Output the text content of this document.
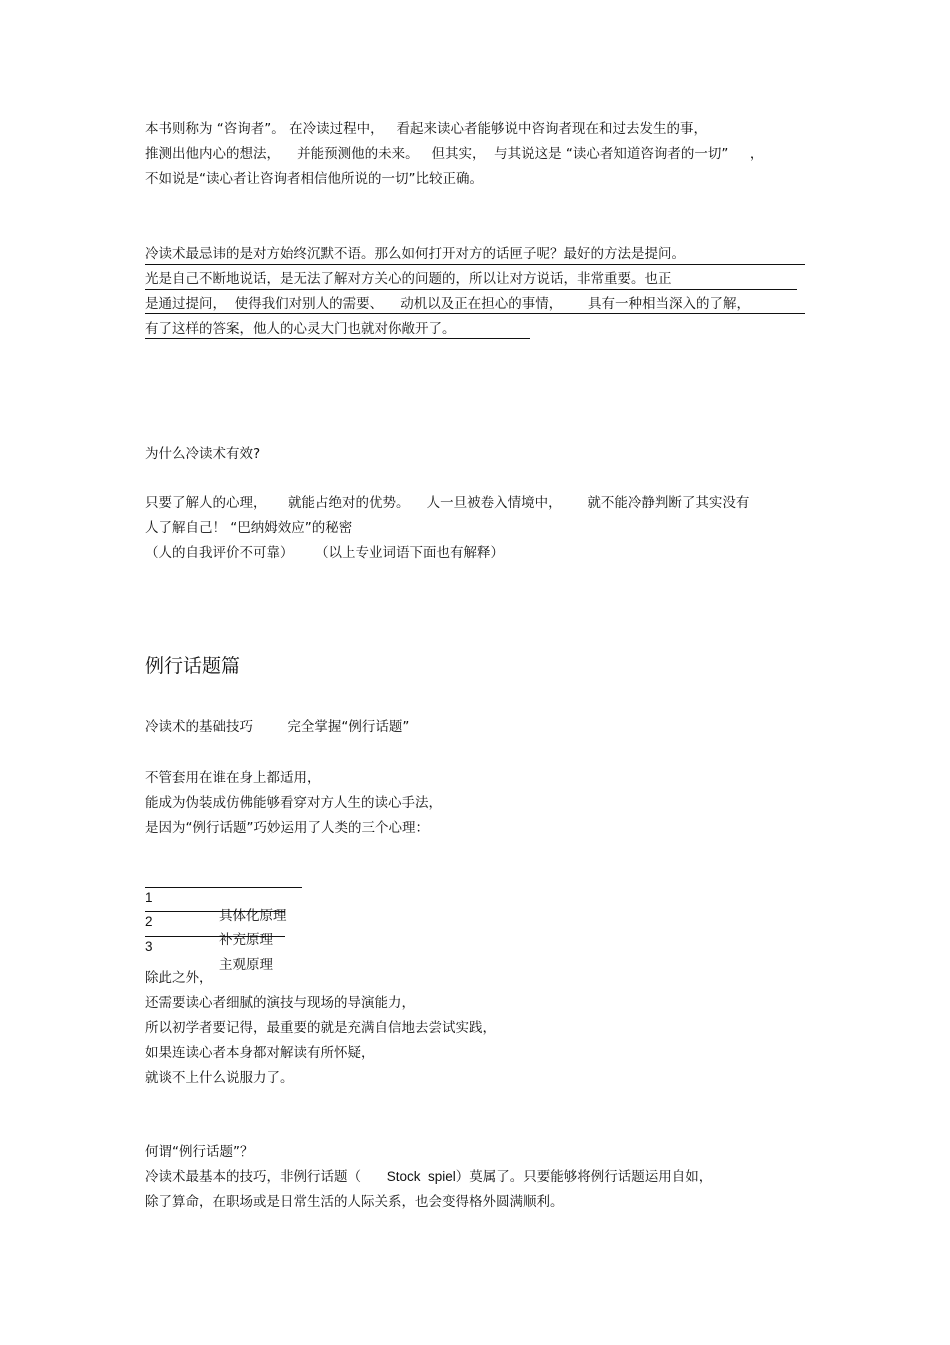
本书则称为 “咨询者”。 在冷读过程中，   看起来读心者能够说中咨询者现在和过去发生的事，
推测出他内心的想法，    并能预测他的未来。   但其实，  与其说这是 “读心者知道咨询者的一切”     ，
不如说是“读心者让咨询者相信他所说的一切”比较正确。
冷读术最忌讳的是对方始终沉默不语。那么如何打开对方的话匣子呢？最好的方法是提问。
光是自己不断地说话，是无法了解对方关心的问题的，所以让对方说话，非常重要。也正
是通过提问，  使得我们对别人的需要、    动机以及正在担心的事情，      具有一种相当深入的了解，
有了这样的答案，他人的心灵大门也就对你敞开了。
为什么冷读术有效?
只要了解人的心理，     就能占绝对的优势。    人一旦被卷入情境中，      就不能冷静判断了其实没有
人了解自己！ “巴纳姆效应”的秘密
（人的自我评价不可靠）     （以上专业词语下面也有解释）
例行话题篇
冷读术的基础技巧        完全掌握“例行话题”
不管套用在谁在身上都适用，
能成为伪装成仿佛能够看穿对方人生的读心手法，
是因为“例行话题”巧妙运用了人类的三个心理：

1

具体化原理

2

补充原理

3

主观原理

除此之外，
还需要读心者细腻的演技与现场的导演能力，
所以初学者要记得，最重要的就是充满自信地去尝试实践，
如果连读心者本身都对解读有所怀疑，
就谈不上什么说服力了。
何谓“例行话题”？
冷读术最基本的技巧，非例行话题（      Stock  spiel）莫属了。只要能够将例行话题运用自如，
除了算命，在职场或是日常生活的人际关系，也会变得格外圆满顺利。
